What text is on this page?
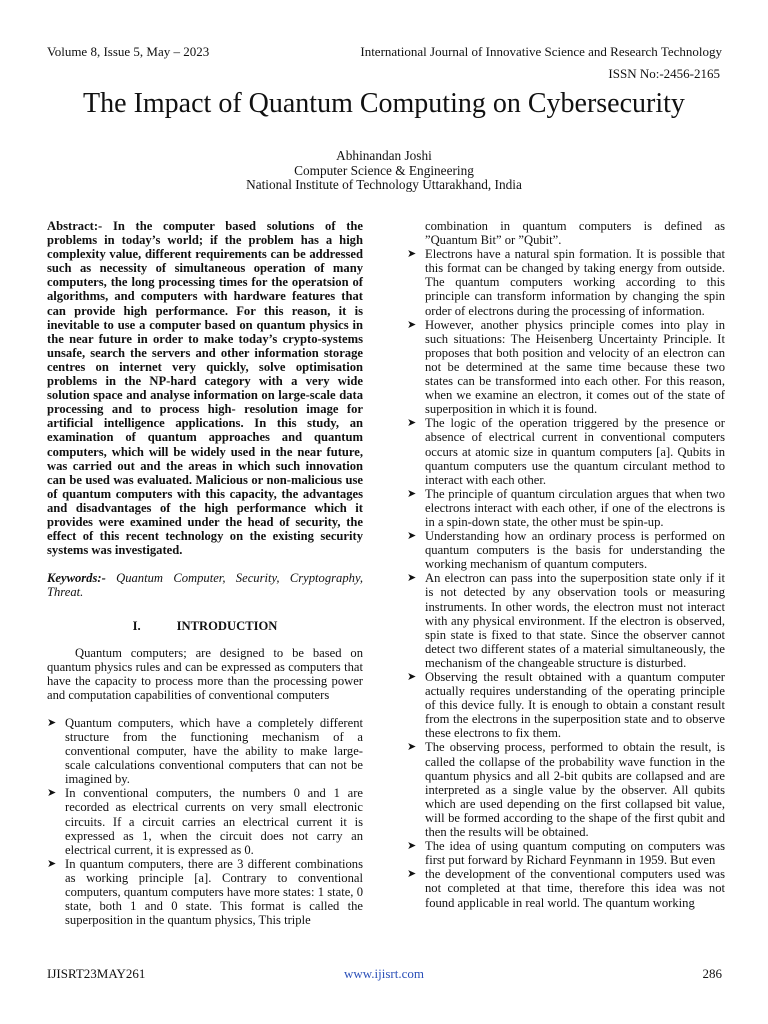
Volume 8, Issue 5, May – 2023	International Journal of Innovative Science and Research Technology
ISSN No:-2456-2165
The Impact of Quantum Computing on Cybersecurity
Abhinandan Joshi
Computer Science & Engineering
National Institute of Technology Uttarakhand, India

Abstract:- In the computer based solutions of the problems in today’s world; if the problem has a high complexity value, different requirements can be addressed such as necessity of simultaneous operation of many computers, the long processing times for the operatsion of algorithms, and computers with hardware features that can provide high performance. For this reason, it is inevitable to use a computer based on quantum physics in the near future in order to make today’s crypto-systems unsafe, search the servers and other information storage centres on internet very quickly, solve optimisation problems in the NP-hard category with a very wide solution space and analyse information on large-scale data processing and to process high- resolution image for artificial intelligence applications. In this study, an examination of quantum approaches and quantum computers, which will be widely used in the near future, was carried out and the areas in which such innovation can be used was evaluated. Malicious or non-malicious use of quantum computers with this capacity, the advantages and disadvantages of the high performance which it provides were examined under the head of security, the effect of this recent technology on the existing security systems was investigated.

Keywords:- Quantum Computer, Security, Cryptography, Threat.

I.	INTRODUCTION

Quantum computers; are designed to be based on quantum physics rules and can be expressed as computers that have the capacity to process more than the processing power and computation capabilities of conventional computers

➤ Quantum computers, which have a completely different structure from the functioning mechanism of a conventional computer, have the ability to make large-scale calculations conventional computers that can not be imagined by.
➤ In conventional computers, the numbers 0 and 1 are recorded as electrical currents on very small electronic circuits. If a circuit carries an electrical current it is expressed as 1, when the circuit does not carry an electrical current, it is expressed as 0.
➤ In quantum computers, there are 3 different combinations as working principle [a]. Contrary to conventional computers, quantum computers have more states: 1 state, 0 state, both 1 and 0 state. This format is called the superposition in the quantum physics, This triple

combination in quantum computers is defined as ”Quantum Bit” or ”Qubit”.

➤ Electrons have a natural spin formation. It is possible that this format can be changed by taking energy from outside. The quantum computers working according to this principle can transform information by changing the spin order of electrons during the processing of information.
➤ However, another physics principle comes into play in such situations: The Heisenberg Uncertainty Principle. It proposes that both position and velocity of an electron can not be determined at the same time because these two states can be transformed into each other. For this reason, when we examine an electron, it comes out of the state of superposition in which it is found.
➤ The logic of the operation triggered by the presence or absence of electrical current in conventional computers occurs at atomic size in quantum computers [a]. Qubits in quantum computers use the quantum circulant method to interact with each other.
➤ The principle of quantum circulation argues that when two electrons interact with each other, if one of the electrons is in a spin-down state, the other must be spin-up.
➤ Understanding how an ordinary process is performed on quantum computers is the basis for understanding the working mechanism of quantum computers.
➤ An electron can pass into the superposition state only if it is not detected by any observation tools or measuring instruments. In other words, the electron must not interact with any physical environment. If the electron is observed, spin state is fixed to that state. Since the observer cannot detect two different states of a material simultaneously, the mechanism of the changeable structure is disturbed.
➤ Observing the result obtained with a quantum computer actually requires understanding of the operating principle of this device fully. It is enough to obtain a constant result from the electrons in the superposition state and to observe these electrons to fix them.
➤ The observing process, performed to obtain the result, is called the collapse of the probability wave function in the quantum physics and all 2-bit qubits are collapsed and are interpreted as a single value by the observer. All qubits which are used depending on the first collapsed bit value, will be formed according to the shape of the first qubit and then the results will be obtained.
➤ The idea of using quantum computing on computers was first put forward by Richard Feynmann in 1959. But even
➤ the development of the conventional computers used was not completed at that time, therefore this idea was not found applicable in real world. The quantum working
IJISRT23MAY261	www.ijisrt.com	286
